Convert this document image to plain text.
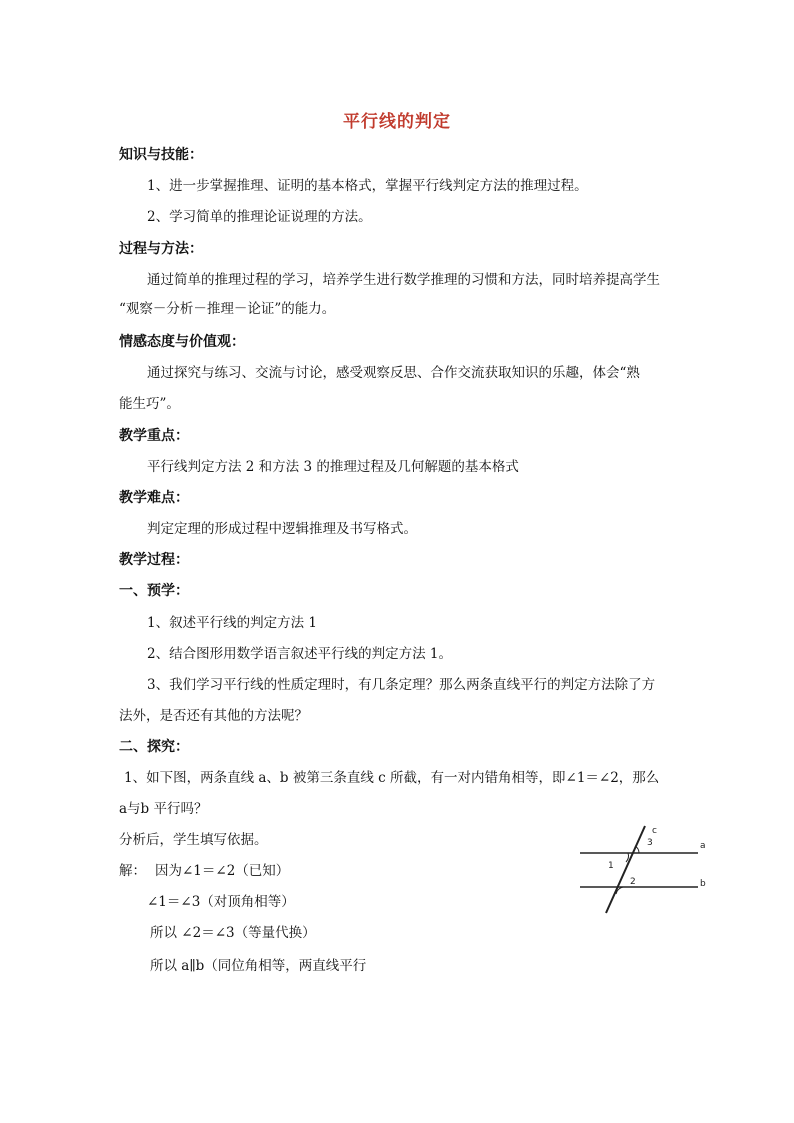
平行线的判定
知识与技能：
1、进一步掌握推理、证明的基本格式，掌握平行线判定方法的推理过程。
2、学习简单的推理论证说理的方法。
过程与方法：
通过简单的推理过程的学习，培养学生进行数学推理的习惯和方法，同时培养提高学生
“观察－分析－推理－论证”的能力。
情感态度与价值观：
通过探究与练习、交流与讨论，感受观察反思、合作交流获取知识的乐趣，体会“熟
能生巧”。
教学重点：
平行线判定方法 2 和方法 3 的推理过程及几何解题的基本格式
教学难点：
判定定理的形成过程中逻辑推理及书写格式。
教学过程：
一、预学：
1、叙述平行线的判定方法 1
2、结合图形用数学语言叙述平行线的判定方法 1。
3、我们学习平行线的性质定理时，有几条定理？那么两条直线平行的判定方法除了方
法外，是否还有其他的方法呢？
二、探究：
1、如下图，两条直线 a、b 被第三条直线 c 所截，有一对内错角相等，即∠1＝∠2，那么
a与b 平行吗？
分析后，学生填写依据。
解： 因为∠1＝∠2（已知）
∠1＝∠3（对顶角相等）
所以 ∠2＝∠3（等量代换）
所以 a∥b（同位角相等，两直线平行
c
a
b
1
3
2
